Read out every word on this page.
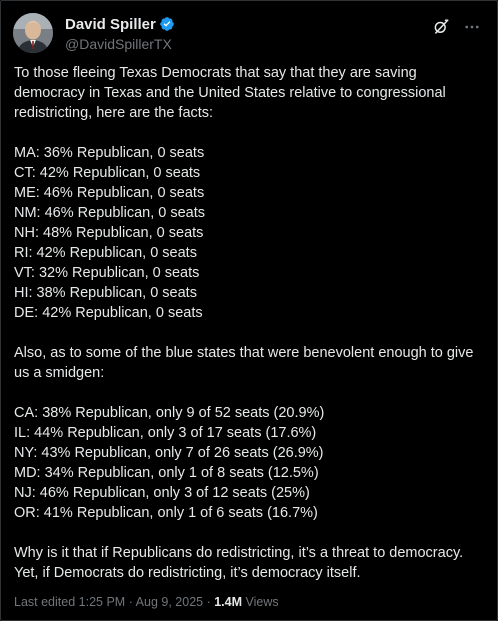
David Spiller
@DavidSpillerTX
To those fleeing Texas Democrats that say that they are saving
democracy in Texas and the United States relative to congressional
redistricting, here are the facts:
MA: 36% Republican, 0 seats
CT: 42% Republican, 0 seats
ME: 46% Republican, 0 seats
NM: 46% Republican, 0 seats
NH: 48% Republican, 0 seats
RI: 42% Republican, 0 seats
VT: 32% Republican, 0 seats
HI: 38% Republican, 0 seats
DE: 42% Republican, 0 seats
Also, as to some of the blue states that were benevolent enough to give
us a smidgen:
CA: 38% Republican, only 9 of 52 seats (20.9%)
IL: 44% Republican, only 3 of 17 seats (17.6%)
NY: 43% Republican, only 7 of 26 seats (26.9%)
MD: 34% Republican, only 1 of 8 seats (12.5%)
NJ: 46% Republican, only 3 of 12 seats (25%)
OR: 41% Republican, only 1 of 6 seats (16.7%)
Why is it that if Republicans do redistricting, it’s a threat to democracy.
Yet, if Democrats do redistricting, it’s democracy itself.
Last edited 1:25 PM · Aug 9, 2025 · 1.4M Views
